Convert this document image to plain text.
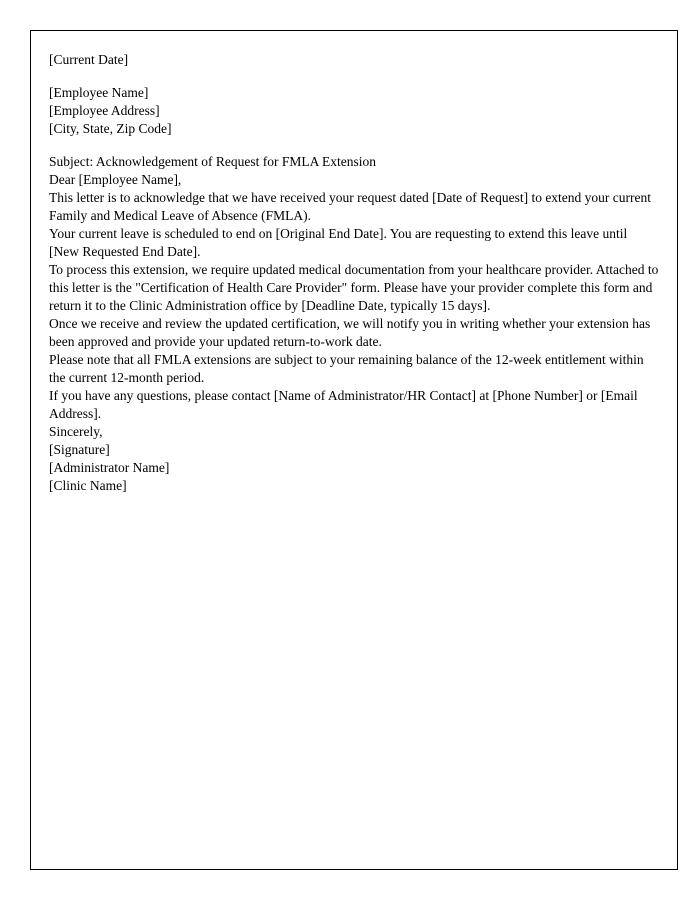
[Current Date]
[Employee Name]
[Employee Address]
[City, State, Zip Code]

Subject: Acknowledgement of Request for FMLA Extension

Dear [Employee Name],

This letter is to acknowledge that we have received your request dated [Date of Request] to extend your current Family and Medical Leave of Absence (FMLA).

Your current leave is scheduled to end on [Original End Date]. You are requesting to extend this leave until [New Requested End Date].

To process this extension, we require updated medical documentation from your healthcare provider. Attached to this letter is the "Certification of Health Care Provider" form. Please have your provider complete this form and return it to the Clinic Administration office by [Deadline Date, typically 15 days].

Once we receive and review the updated certification, we will notify you in writing whether your extension has been approved and provide your updated return-to-work date.

Please note that all FMLA extensions are subject to your remaining balance of the 12-week entitlement within the current 12-month period.

If you have any questions, please contact [Name of Administrator/HR Contact] at [Phone Number] or [Email Address].

Sincerely,

[Signature]
[Administrator Name]
[Clinic Name]
